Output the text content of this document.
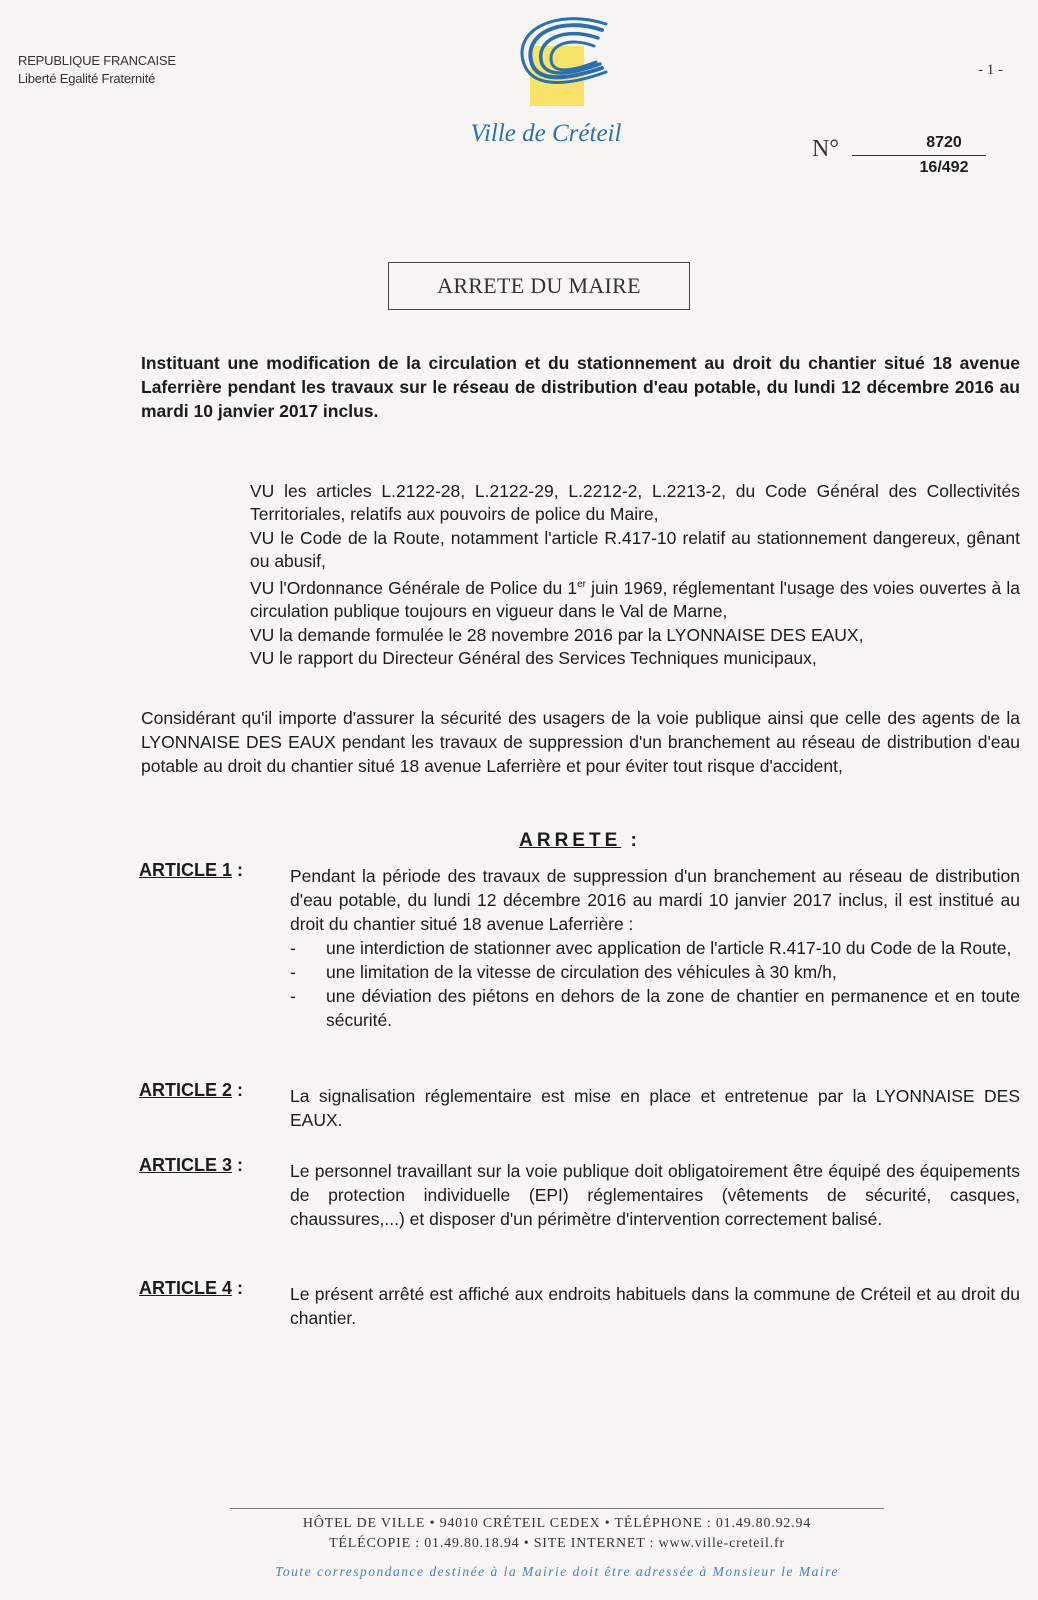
REPUBLIQUE FRANCAISE
Liberté Egalité Fraternité
Ville de Créteil
- 1 -
N°	8720
16/492
ARRETE DU MAIRE
Instituant une modification de la circulation et du stationnement au droit du chantier situé 18 avenue Laferrière pendant les travaux sur le réseau de distribution d'eau potable, du lundi 12 décembre 2016 au mardi 10 janvier 2017 inclus.

VU les articles L.2122-28, L.2122-29, L.2212-2, L.2213-2, du Code Général des Collectivités Territoriales, relatifs aux pouvoirs de police du Maire,

VU le Code de la Route, notamment l'article R.417-10 relatif au stationnement dangereux, gênant ou abusif,

VU l'Ordonnance Générale de Police du 1er juin 1969, réglementant l'usage des voies ouvertes à la circulation publique toujours en vigueur dans le Val de Marne,

VU la demande formulée le 28 novembre 2016 par la LYONNAISE DES EAUX,

VU le rapport du Directeur Général des Services Techniques municipaux,

Considérant qu'il importe d'assurer la sécurité des usagers de la voie publique ainsi que celle des agents de la LYONNAISE DES EAUX pendant les travaux de suppression d'un branchement au réseau de distribution d'eau potable au droit du chantier situé 18 avenue Laferrière et pour éviter tout risque d'accident,
ARRETE :
ARTICLE 1 :	Pendant la période des travaux de suppression d'un branchement au réseau de distribution d'eau potable, du lundi 12 décembre 2016 au mardi 10 janvier 2017 inclus, il est institué au droit du chantier situé 18 avenue Laferrière :

-	une interdiction de stationner avec application de l'article R.417-10 du Code de la Route,
-	une limitation de la vitesse de circulation des véhicules à 30 km/h,
-	une déviation des piétons en dehors de la zone de chantier en permanence et en toute sécurité.
ARTICLE 2 :	La signalisation réglementaire est mise en place et entretenue par la LYONNAISE DES EAUX.
ARTICLE 3 :	Le personnel travaillant sur la voie publique doit obligatoirement être équipé des équipements de protection individuelle (EPI) réglementaires (vêtements de sécurité, casques, chaussures,...) et disposer d'un périmètre d'intervention correctement balisé.
ARTICLE 4 :	Le présent arrêté est affiché aux endroits habituels dans la commune de Créteil et au droit du chantier.
HÔTEL DE VILLE • 94010 CRÉTEIL CEDEX • TÉLÉPHONE : 01.49.80.92.94
TÉLÉCOPIE : 01.49.80.18.94 • SITE INTERNET : www.ville-creteil.fr
Toute correspondance destinée à la Mairie doit être adressée à Monsieur le Maire
